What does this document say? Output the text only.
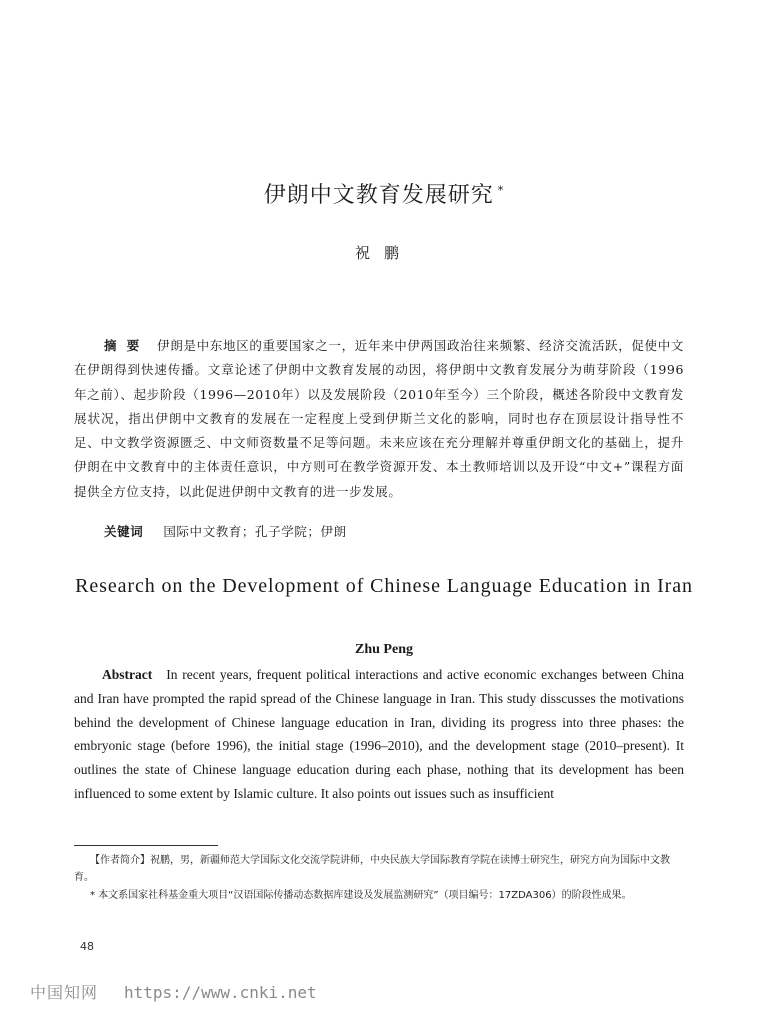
伊朗中文教育发展研究 *
祝鹏
摘要 伊朗是中东地区的重要国家之一，近年来中伊两国政治往来频繁、经济交流活跃，促使中文在伊朗得到快速传播。文章论述了伊朗中文教育发展的动因，将伊朗中文教育发展分为萌芽阶段（1996年之前）、起步阶段（1996—2010年）以及发展阶段（2010年至今）三个阶段，概述各阶段中文教育发展状况，指出伊朗中文教育的发展在一定程度上受到伊斯兰文化的影响，同时也存在顶层设计指导性不足、中文教学资源匮乏、中文师资数量不足等问题。未来应该在充分理解并尊重伊朗文化的基础上，提升伊朗在中文教育中的主体责任意识，中方则可在教学资源开发、本土教师培训以及开设“中文+”课程方面提供全方位支持，以此促进伊朗中文教育的进一步发展。
关键词 国际中文教育；孔子学院；伊朗
Research on the Development of Chinese Language Education in Iran
Zhu Peng
Abstract In recent years, frequent political interactions and active economic exchanges between China and Iran have prompted the rapid spread of the Chinese language in Iran. This study disscusses the motivations behind the development of Chinese language education in Iran, dividing its progress into three phases: the embryonic stage (before 1996), the initial stage (1996–2010), and the development stage (2010–present). It outlines the state of Chinese language education during each phase, nothing that its development has been influenced to some extent by Islamic culture. It also points out issues such as insufficient
【作者简介】祝鹏，男，新疆师范大学国际文化交流学院讲师，中央民族大学国际教育学院在读博士研究生，研究方向为国际中文教育。
* 本文系国家社科基金重大项目“汉语国际传播动态数据库建设及发展监测研究”（项目编号：17ZDA306）的阶段性成果。
48
中国知网 https://www.cnki.net
